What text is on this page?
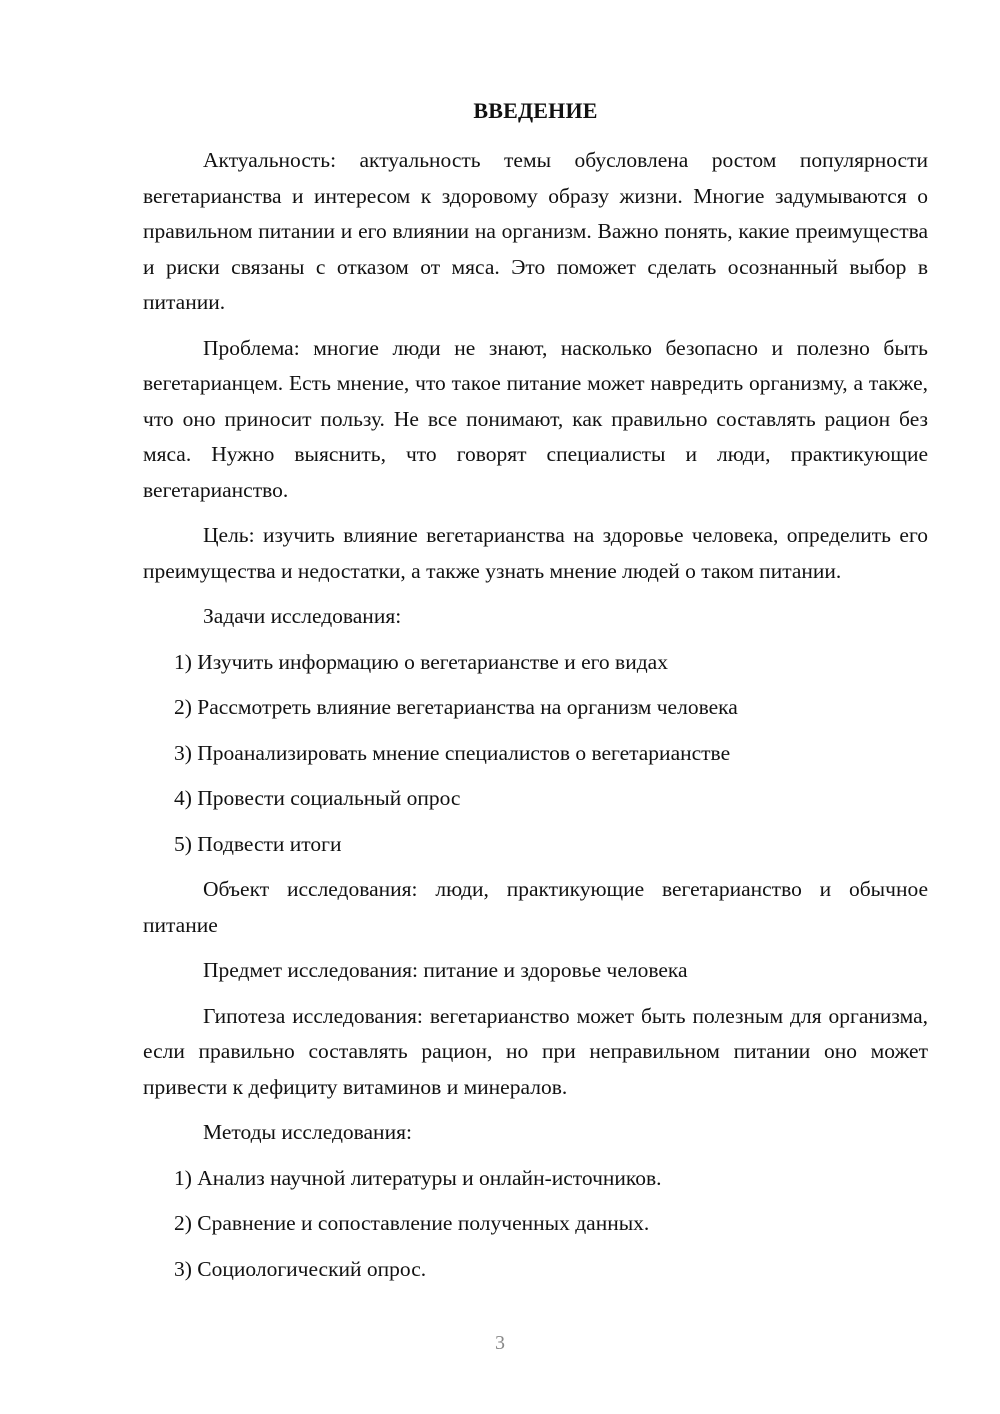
ВВЕДЕНИЕ

Актуальность: актуальность темы обусловлена ростом популярности вегетарианства и интересом к здоровому образу жизни. Многие задумываются о правильном питании и его влиянии на организм. Важно понять, какие преимущества и риски связаны с отказом от мяса. Это поможет сделать осознанный выбор в питании.

Проблема: многие люди не знают, насколько безопасно и полезно быть вегетарианцем. Есть мнение, что такое питание может навредить организму, а также, что оно приносит пользу. Не все понимают, как правильно составлять рацион без мяса. Нужно выяснить, что говорят специалисты и люди, практикующие вегетарианство.

Цель: изучить влияние вегетарианства на здоровье человека, определить его преимущества и недостатки, а также узнать мнение людей о таком питании.

Задачи исследования:

1) Изучить информацию о вегетарианстве и его видах

2) Рассмотреть влияние вегетарианства на организм человека

3) Проанализировать мнение специалистов о вегетарианстве

4) Провести социальный опрос

5) Подвести итоги

Объект исследования: люди, практикующие вегетарианство и обычное питание

Предмет исследования: питание и здоровье человека

Гипотеза исследования: вегетарианство может быть полезным для организма, если правильно составлять рацион, но при неправильном питании оно может привести к дефициту витаминов и минералов.

Методы исследования:

1) Анализ научной литературы и онлайн-источников.

2) Сравнение и сопоставление полученных данных.

3) Социологический опрос.

3
